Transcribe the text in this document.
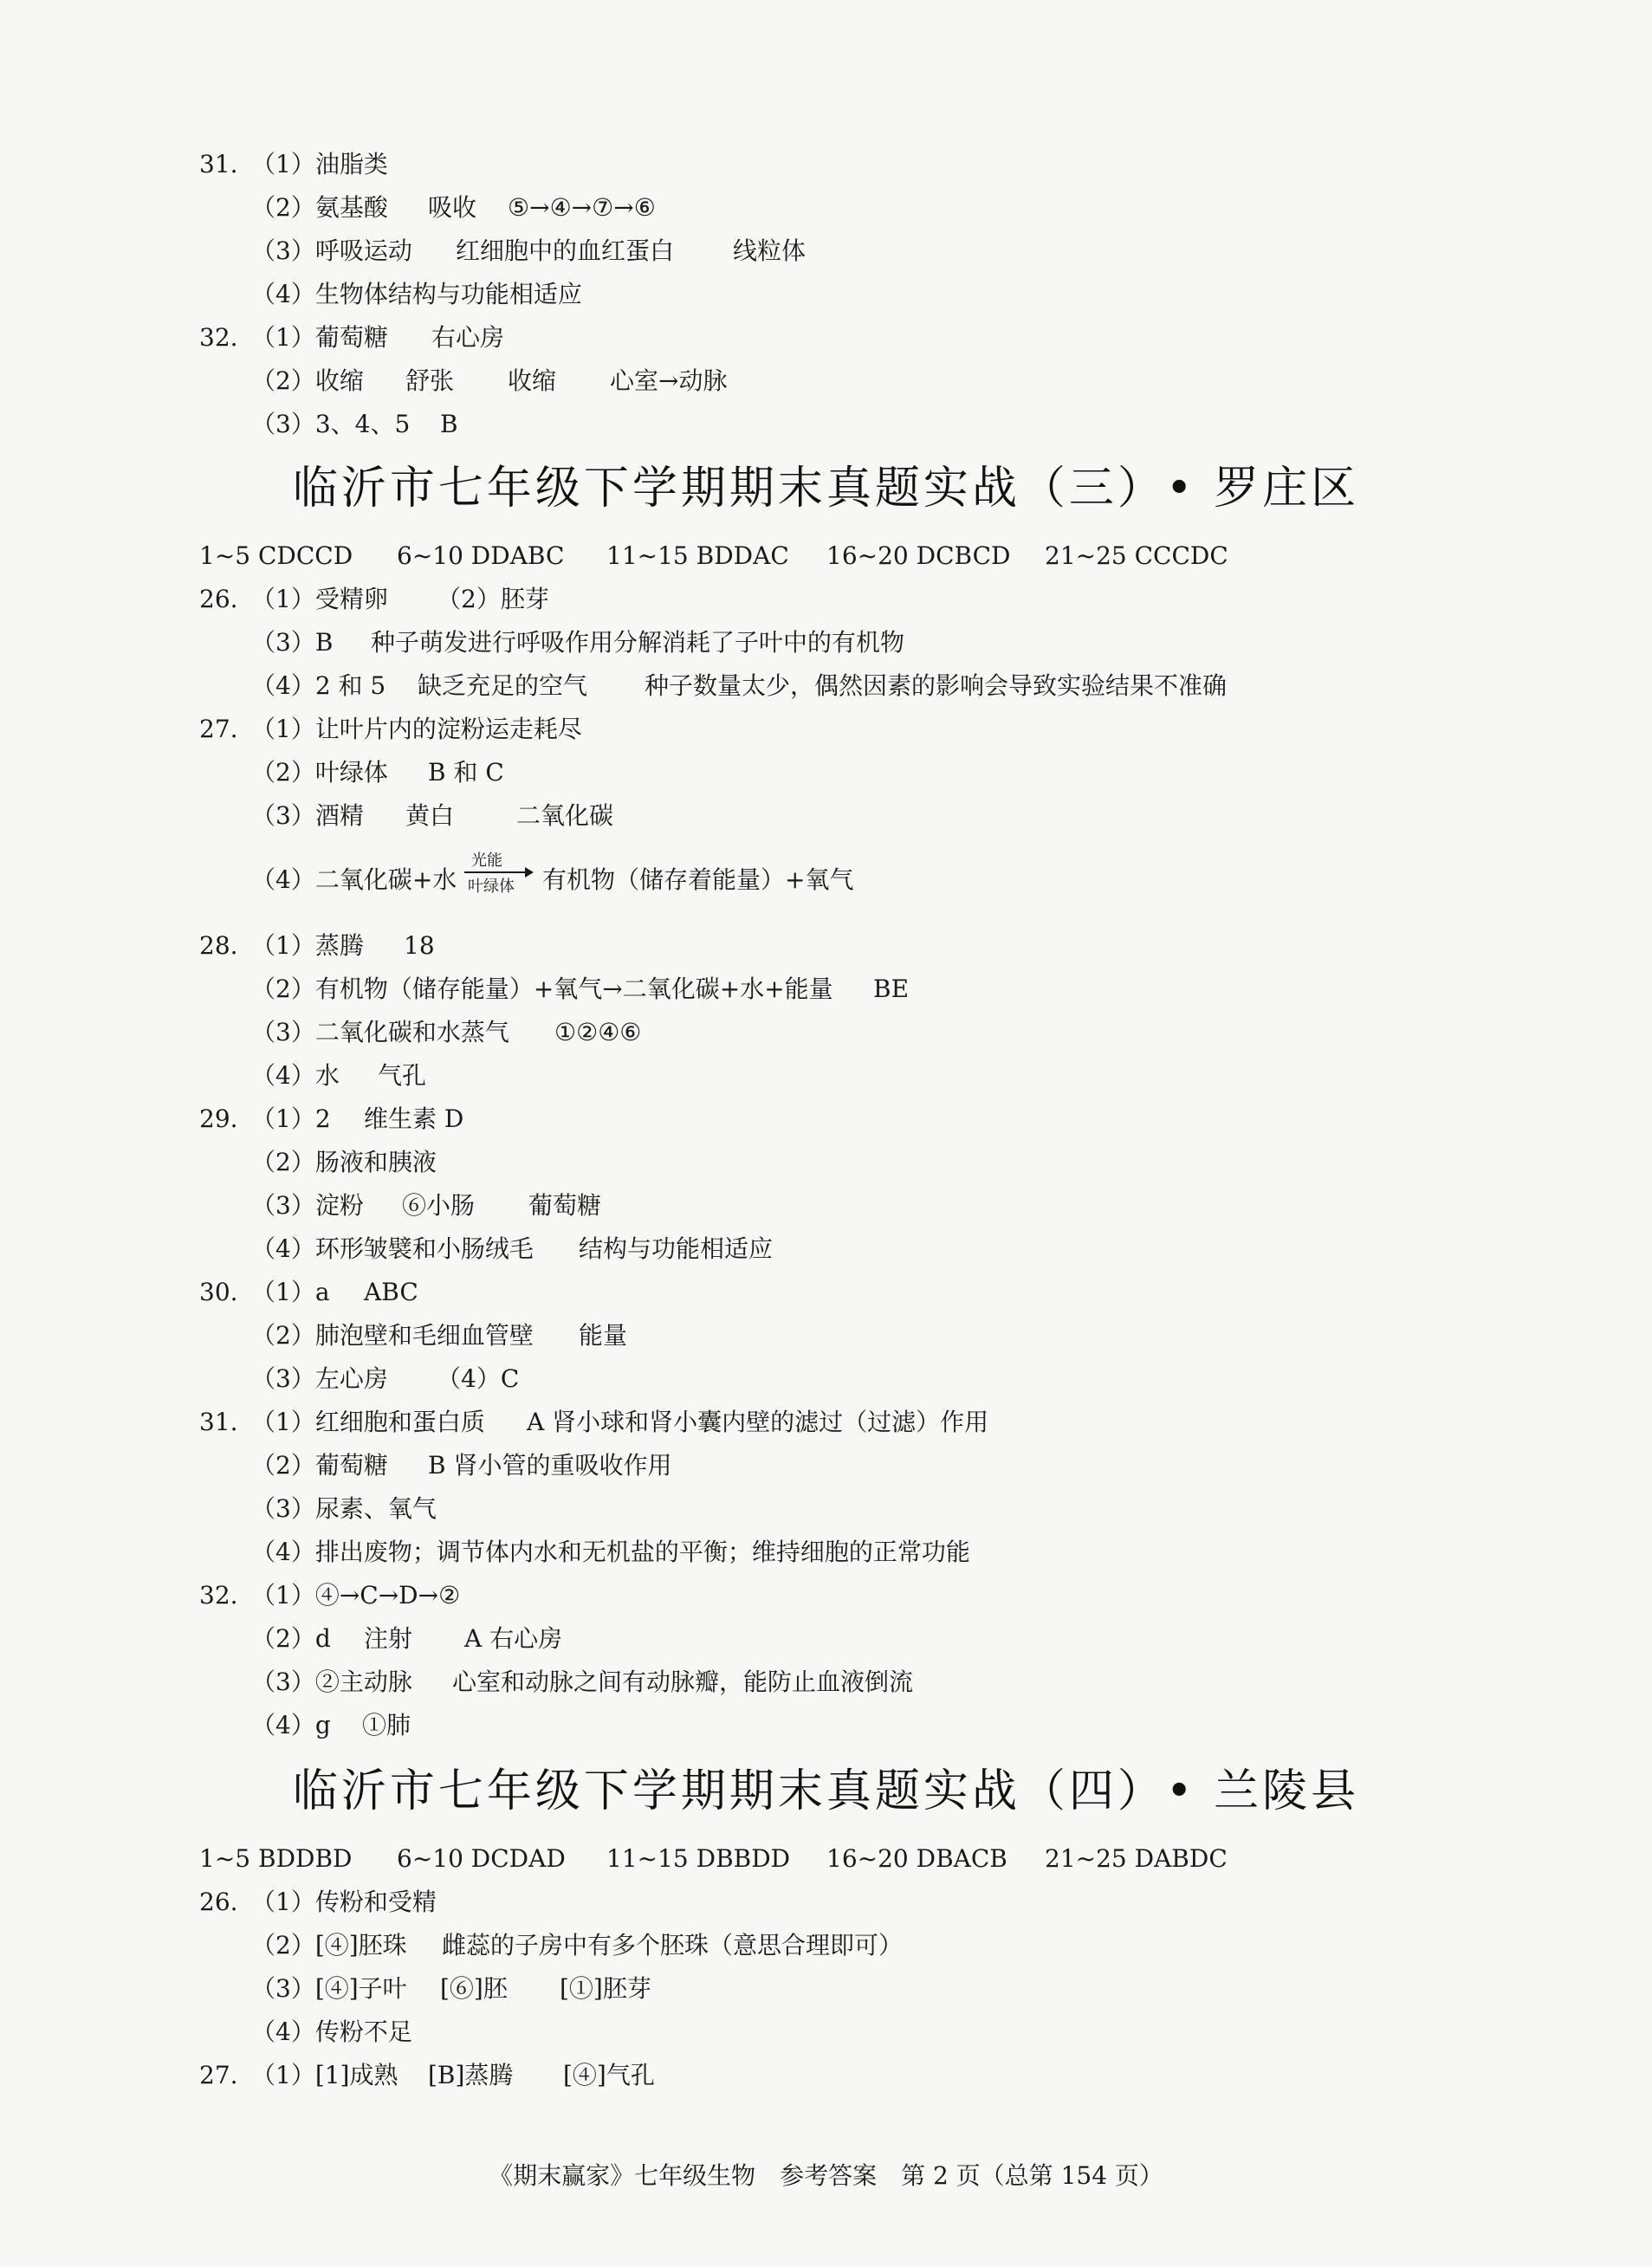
31. （1）油脂类
（2）氨基酸 吸收 ⑤→④→⑦→⑥
（3）呼吸运动 红细胞中的血红蛋白 线粒体
（4）生物体结构与功能相适应
32. （1）葡萄糖 右心房
（2）收缩 舒张 收缩 心室→动脉
（3）3、4、5 B
临沂市七年级下学期期末真题实战（三）• 罗庄区
1~5 CDCCD 6~10 DDABC 11~15 BDDAC 16~20 DCBCD 21~25 CCCDC
26. （1）受精卵 （2）胚芽
（3）B 种子萌发进行呼吸作用分解消耗了子叶中的有机物
（4）2 和 5 缺乏充足的空气 种子数量太少，偶然因素的影响会导致实验结果不准确
27. （1）让叶片内的淀粉运走耗尽
（2）叶绿体 B 和 C
（3）酒精 黄白	二氧化碳
（4）二氧化碳+水
光能
叶绿体 有机物（储存着能量）+氧气
28. （1）蒸腾 18
（2）有机物（储存能量）+氧气→二氧化碳+水+能量 BE
（3）二氧化碳和水蒸气 ①②④⑥
（4）水 气孔
29. （1）2 维生素 D
（2）肠液和胰液
（3）淀粉 ⑥小肠 葡萄糖
（4）环形皱襞和小肠绒毛 结构与功能相适应
30. （1）a ABC
（2）肺泡壁和毛细血管壁 能量
（3）左心房 （4）C
31. （1）红细胞和蛋白质 A 肾小球和肾小囊内壁的滤过（过滤）作用
（2）葡萄糖 B 肾小管的重吸收作用
（3）尿素、氧气
（4）排出废物；调节体内水和无机盐的平衡；维持细胞的正常功能
32. （1）④→C→D→②
（2）d 注射 A 右心房
（3）②主动脉 心室和动脉之间有动脉瓣，能防止血液倒流
（4）g ①肺
临沂市七年级下学期期末真题实战（四）• 兰陵县
1~5 BDDBD 6~10 DCDAD 11~15 DBBDD 16~20 DBACB 21~25 DABDC
26. （1）传粉和受精
（2）[④]胚珠 雌蕊的子房中有多个胚珠（意思合理即可）
（3）[④]子叶 [⑥]胚 [①]胚芽
（4）传粉不足
27. （1）[1]成熟 [B]蒸腾 [④]气孔
《期末赢家》七年级生物　参考答案　第 2 页（总第 154 页）
